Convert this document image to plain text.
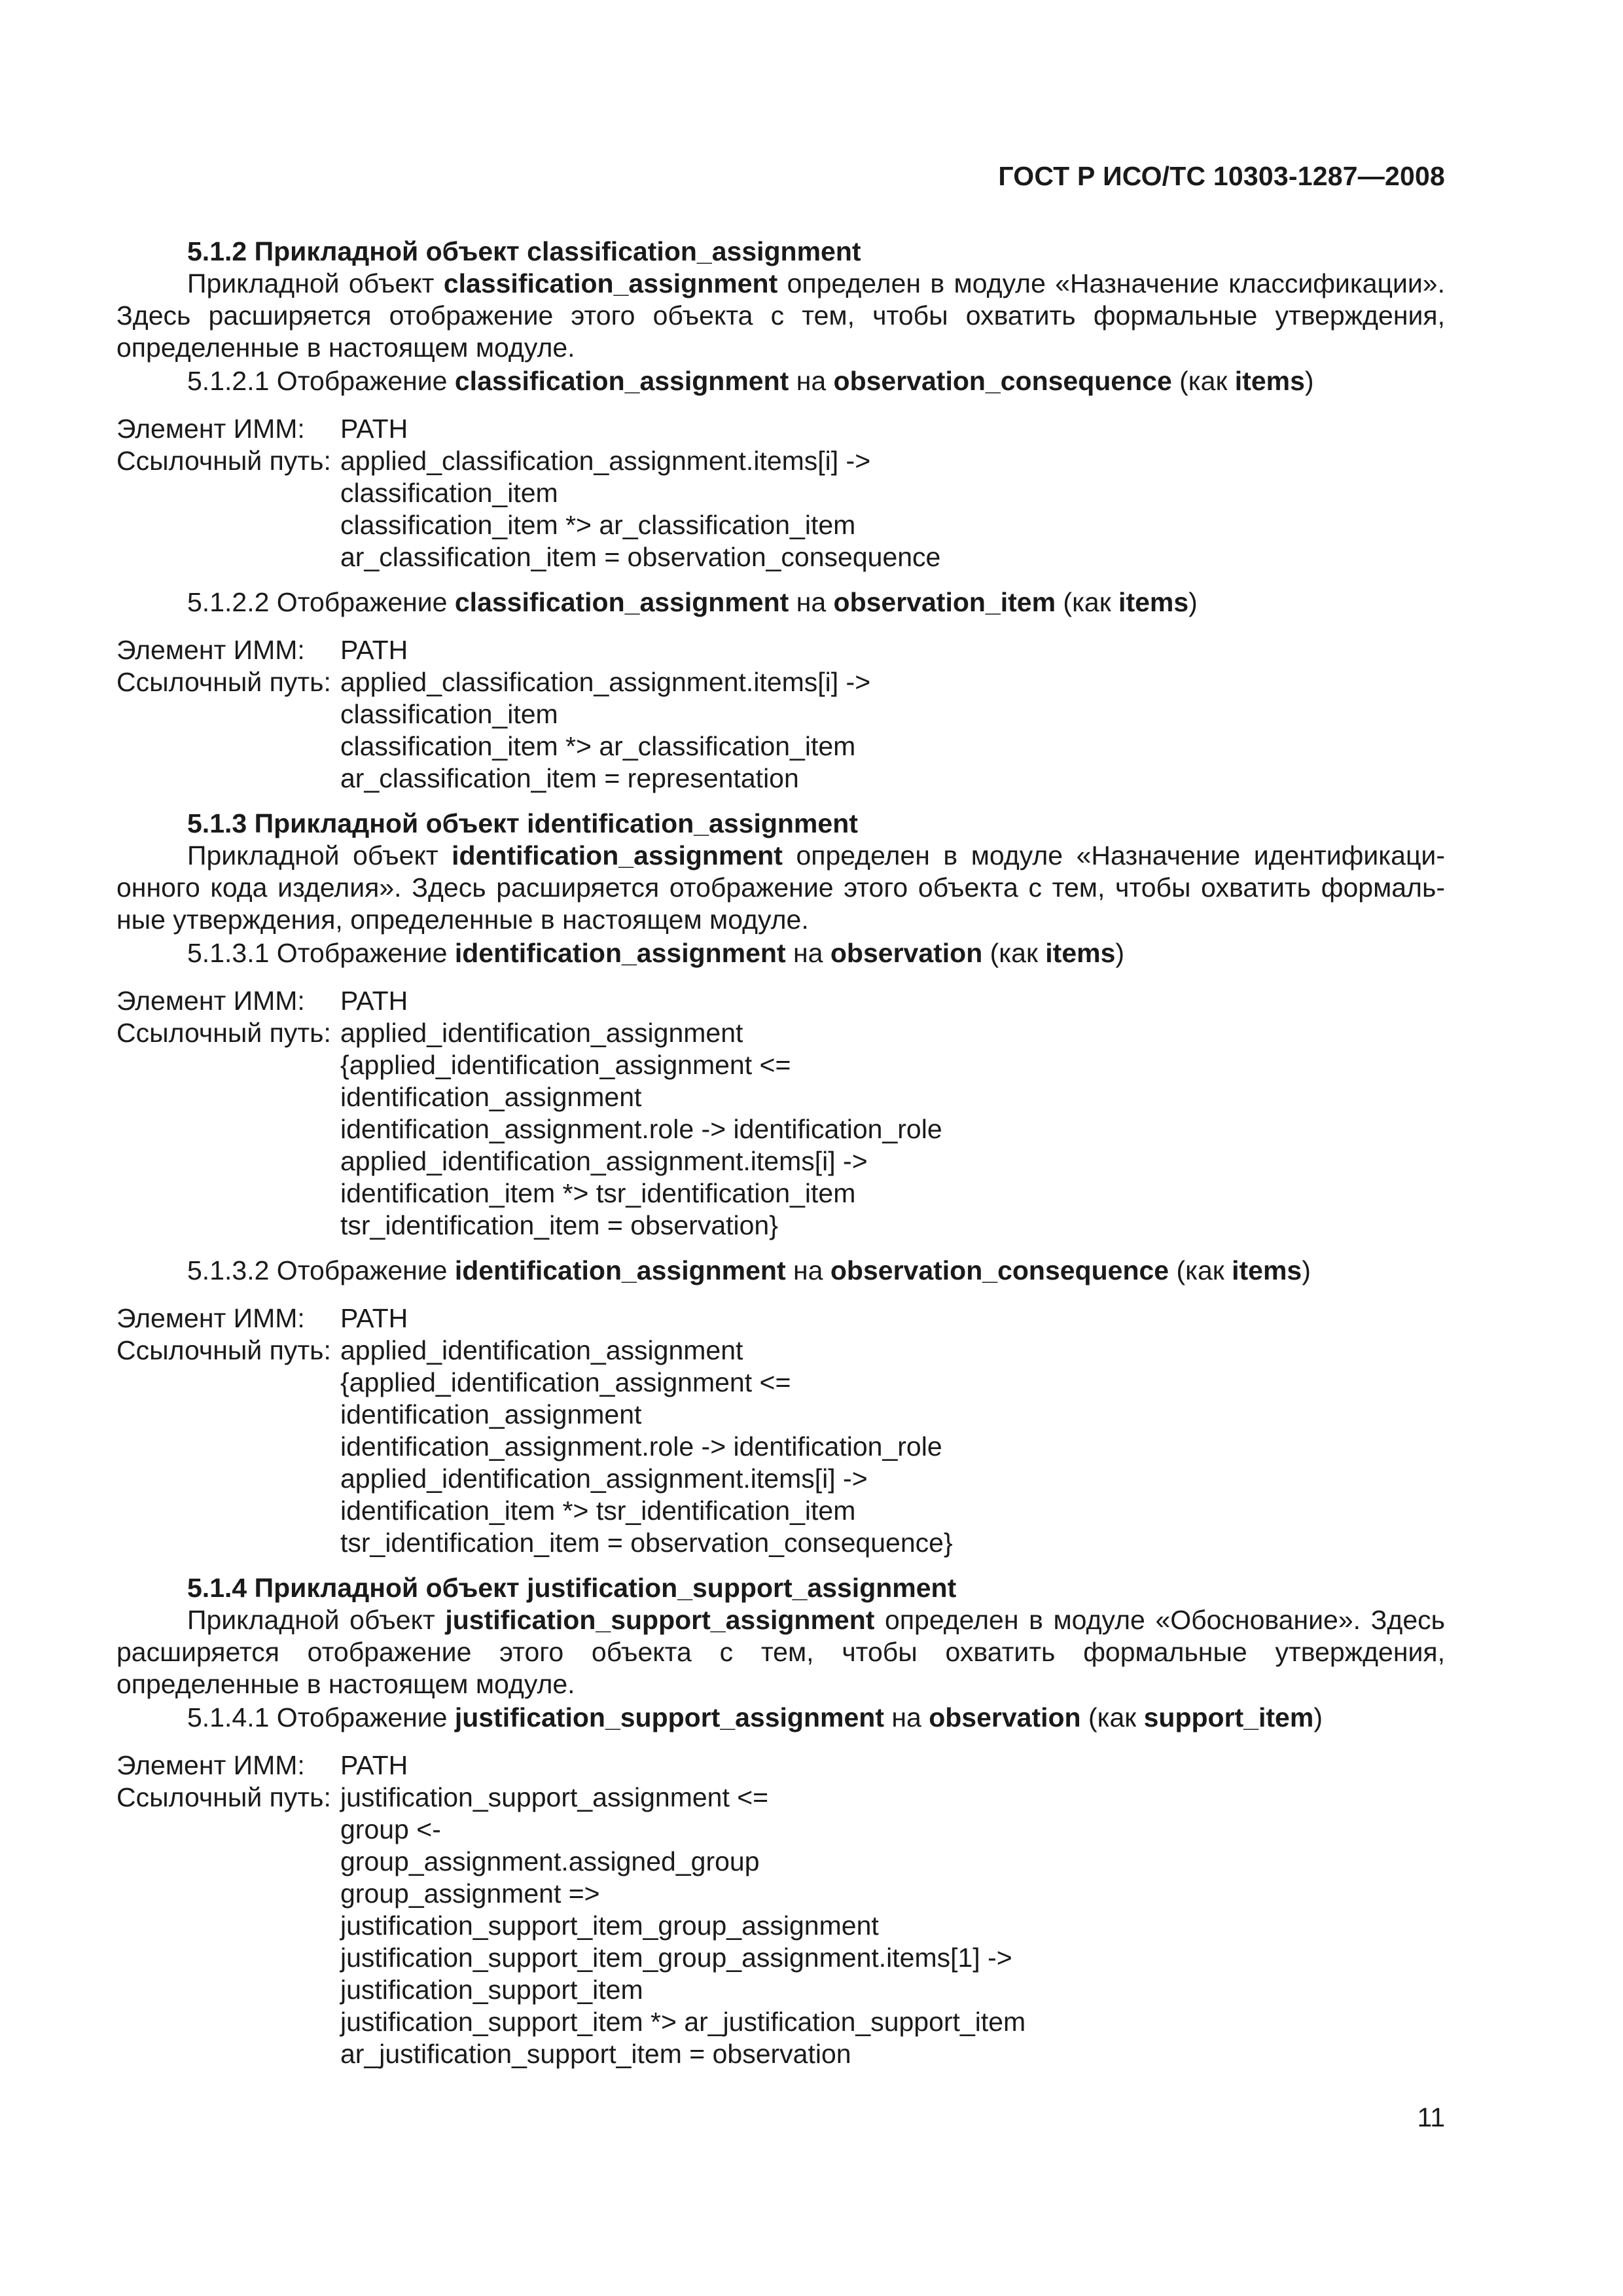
ГОСТ Р ИСО/ТС 10303-1287—2008
5.1.2 Прикладной объект classification_assignment

Прикладной объект classification_assignment определен в модуле «Назначение классификации». Здесь расширяется отображение этого объекта с тем, чтобы охватить формальные утверждения, определенные в настоящем модуле.

5.1.2.1 Отображение classification_assignment на observation_consequence (как items)
Элемент ИММ:	PATH
Ссылочный путь: applied_classification_assignment.items[i] ->
classification_item
classification_item *> ar_classification_item
ar_classification_item = observation_consequence
5.1.2.2 Отображение classification_assignment на observation_item (как items)
Элемент ИММ:	PATH
Ссылочный путь: applied_classification_assignment.items[i] ->
classification_item
classification_item *> ar_classification_item
ar_classification_item = representation
5.1.3 Прикладной объект identification_assignment

Прикладной объект identification_assignment определен в модуле «Назначение идентификационного кода изделия». Здесь расширяется отображение этого объекта с тем, чтобы охватить формальные утверждения, определенные в настоящем модуле.

5.1.3.1 Отображение identification_assignment на observation (как items)
Элемент ИММ:	PATH
Ссылочный путь: applied_identification_assignment
{applied_identification_assignment <=
identification_assignment
identification_assignment.role -> identification_role
applied_identification_assignment.items[i] ->
identification_item *> tsr_identification_item
tsr_identification_item = observation}
5.1.3.2 Отображение identification_assignment на observation_consequence (как items)
Элемент ИММ:	PATH
Ссылочный путь: applied_identification_assignment
{applied_identification_assignment <=
identification_assignment
identification_assignment.role -> identification_role
applied_identification_assignment.items[i] ->
identification_item *> tsr_identification_item
tsr_identification_item = observation_consequence}
5.1.4 Прикладной объект justification_support_assignment

Прикладной объект justification_support_assignment определен в модуле «Обоснование». Здесь расширяется отображение этого объекта с тем, чтобы охватить формальные утверждения, определенные в настоящем модуле.

5.1.4.1 Отображение justification_support_assignment на observation (как support_item)
Элемент ИММ:	PATH
Ссылочный путь: justification_support_assignment <=
group <-
group_assignment.assigned_group
group_assignment =>
justification_support_item_group_assignment
justification_support_item_group_assignment.items[1] ->
justification_support_item
justification_support_item *> ar_justification_support_item
ar_justification_support_item = observation
11
